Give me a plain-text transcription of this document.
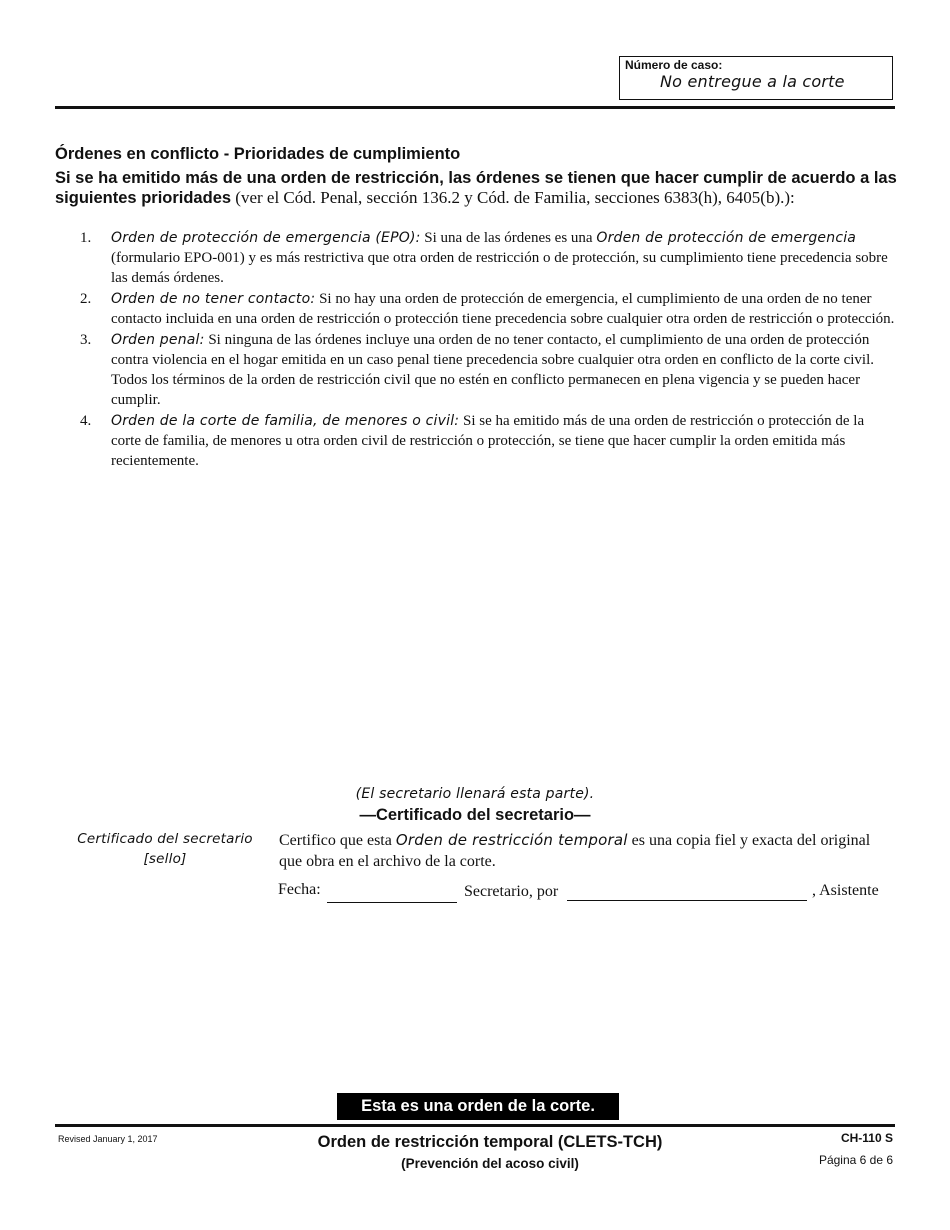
Número de caso:
No entregue a la corte
Órdenes en conflicto - Prioridades de cumplimiento
Si se ha emitido más de una orden de restricción, las órdenes se tienen que hacer cumplir de acuerdo a las siguientes prioridades (ver el Cód. Penal, sección 136.2 y Cód. de Familia, secciones 6383(h), 6405(b).):
1. Orden de protección de emergencia (EPO): Si una de las órdenes es una Orden de protección de emergencia (formulario EPO-001) y es más restrictiva que otra orden de restricción o de protección, su cumplimiento tiene precedencia sobre las demás órdenes.
2. Orden de no tener contacto: Si no hay una orden de protección de emergencia, el cumplimiento de una orden de no tener contacto incluida en una orden de restricción o protección tiene precedencia sobre cualquier otra orden de restricción o protección.
3. Orden penal: Si ninguna de las órdenes incluye una orden de no tener contacto, el cumplimiento de una orden de protección contra violencia en el hogar emitida en un caso penal tiene precedencia sobre cualquier otra orden en conflicto de la corte civil. Todos los términos de la orden de restricción civil que no estén en conflicto permanecen en plena vigencia y se pueden hacer cumplir.
4. Orden de la corte de familia, de menores o civil: Si se ha emitido más de una orden de restricción o protección de la corte de familia, de menores u otra orden civil de restricción o protección, se tiene que hacer cumplir la orden emitida más recientemente.
(El secretario llenará esta parte).
—Certificado del secretario—
Certificado del secretario
[sello]
Certifico que esta Orden de restricción temporal es una copia fiel y exacta del original que obra en el archivo de la corte.
Fecha:	Secretario, por	, Asistente
Esta es una orden de la corte.
Revised January 1, 2017	Orden de restricción temporal (CLETS-TCH)
(Prevención del acoso civil)
CH-110 S
Página 6 de 6
